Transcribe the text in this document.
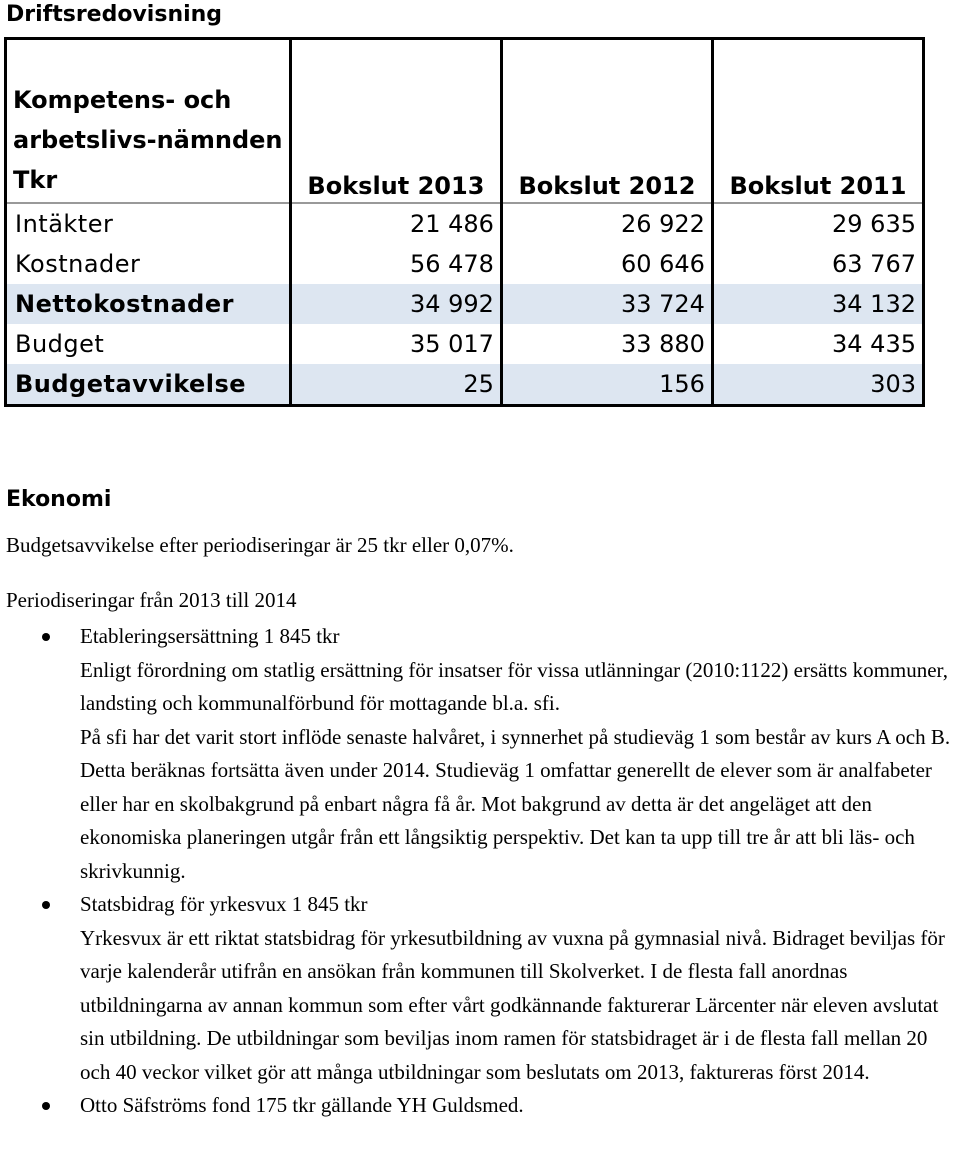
Driftsredovisning
Kompetens- och arbetslivs-nämnden Tkr	Bokslut 2013	Bokslut 2012	Bokslut 2011
Intäkter	21 486	26 922	29 635
Kostnader	56 478	60 646	63 767
Nettokostnader	34 992	33 724	34 132
Budget	35 017	33 880	34 435
Budgetavvikelse	25	156	303
Ekonomi
Budgetsavvikelse efter periodiseringar är 25 tkr eller 0,07%.
Periodiseringar från 2013 till 2014

Etableringsersättning 1 845 tkr

Enligt förordning om statlig ersättning för insatser för vissa utlänningar (2010:1122) ersätts kommuner, landsting och kommunalförbund för mottagande bl.a. sfi.

På sfi har det varit stort inflöde senaste halvåret, i synnerhet på studieväg 1 som består av kurs A och B. Detta beräknas fortsätta även under 2014. Studieväg 1 omfattar generellt de elever som är analfabeter eller har en skolbakgrund på enbart några få år. Mot bakgrund av detta är det angeläget att den ekonomiska planeringen utgår från ett långsiktig perspektiv. Det kan ta upp till tre år att bli läs- och skrivkunnig.

Statsbidrag för yrkesvux 1 845 tkr

Yrkesvux är ett riktat statsbidrag för yrkesutbildning av vuxna på gymnasial nivå. Bidraget beviljas för varje kalenderår utifrån en ansökan från kommunen till Skolverket. I de flesta fall anordnas utbildningarna av annan kommun som efter vårt godkännande fakturerar Lärcenter när eleven avslutat sin utbildning. De utbildningar som beviljas inom ramen för statsbidraget är i de flesta fall mellan 20 och 40 veckor vilket gör att många utbildningar som beslutats om 2013, faktureras först 2014.

Otto Säfströms fond 175 tkr gällande YH Guldsmed.
